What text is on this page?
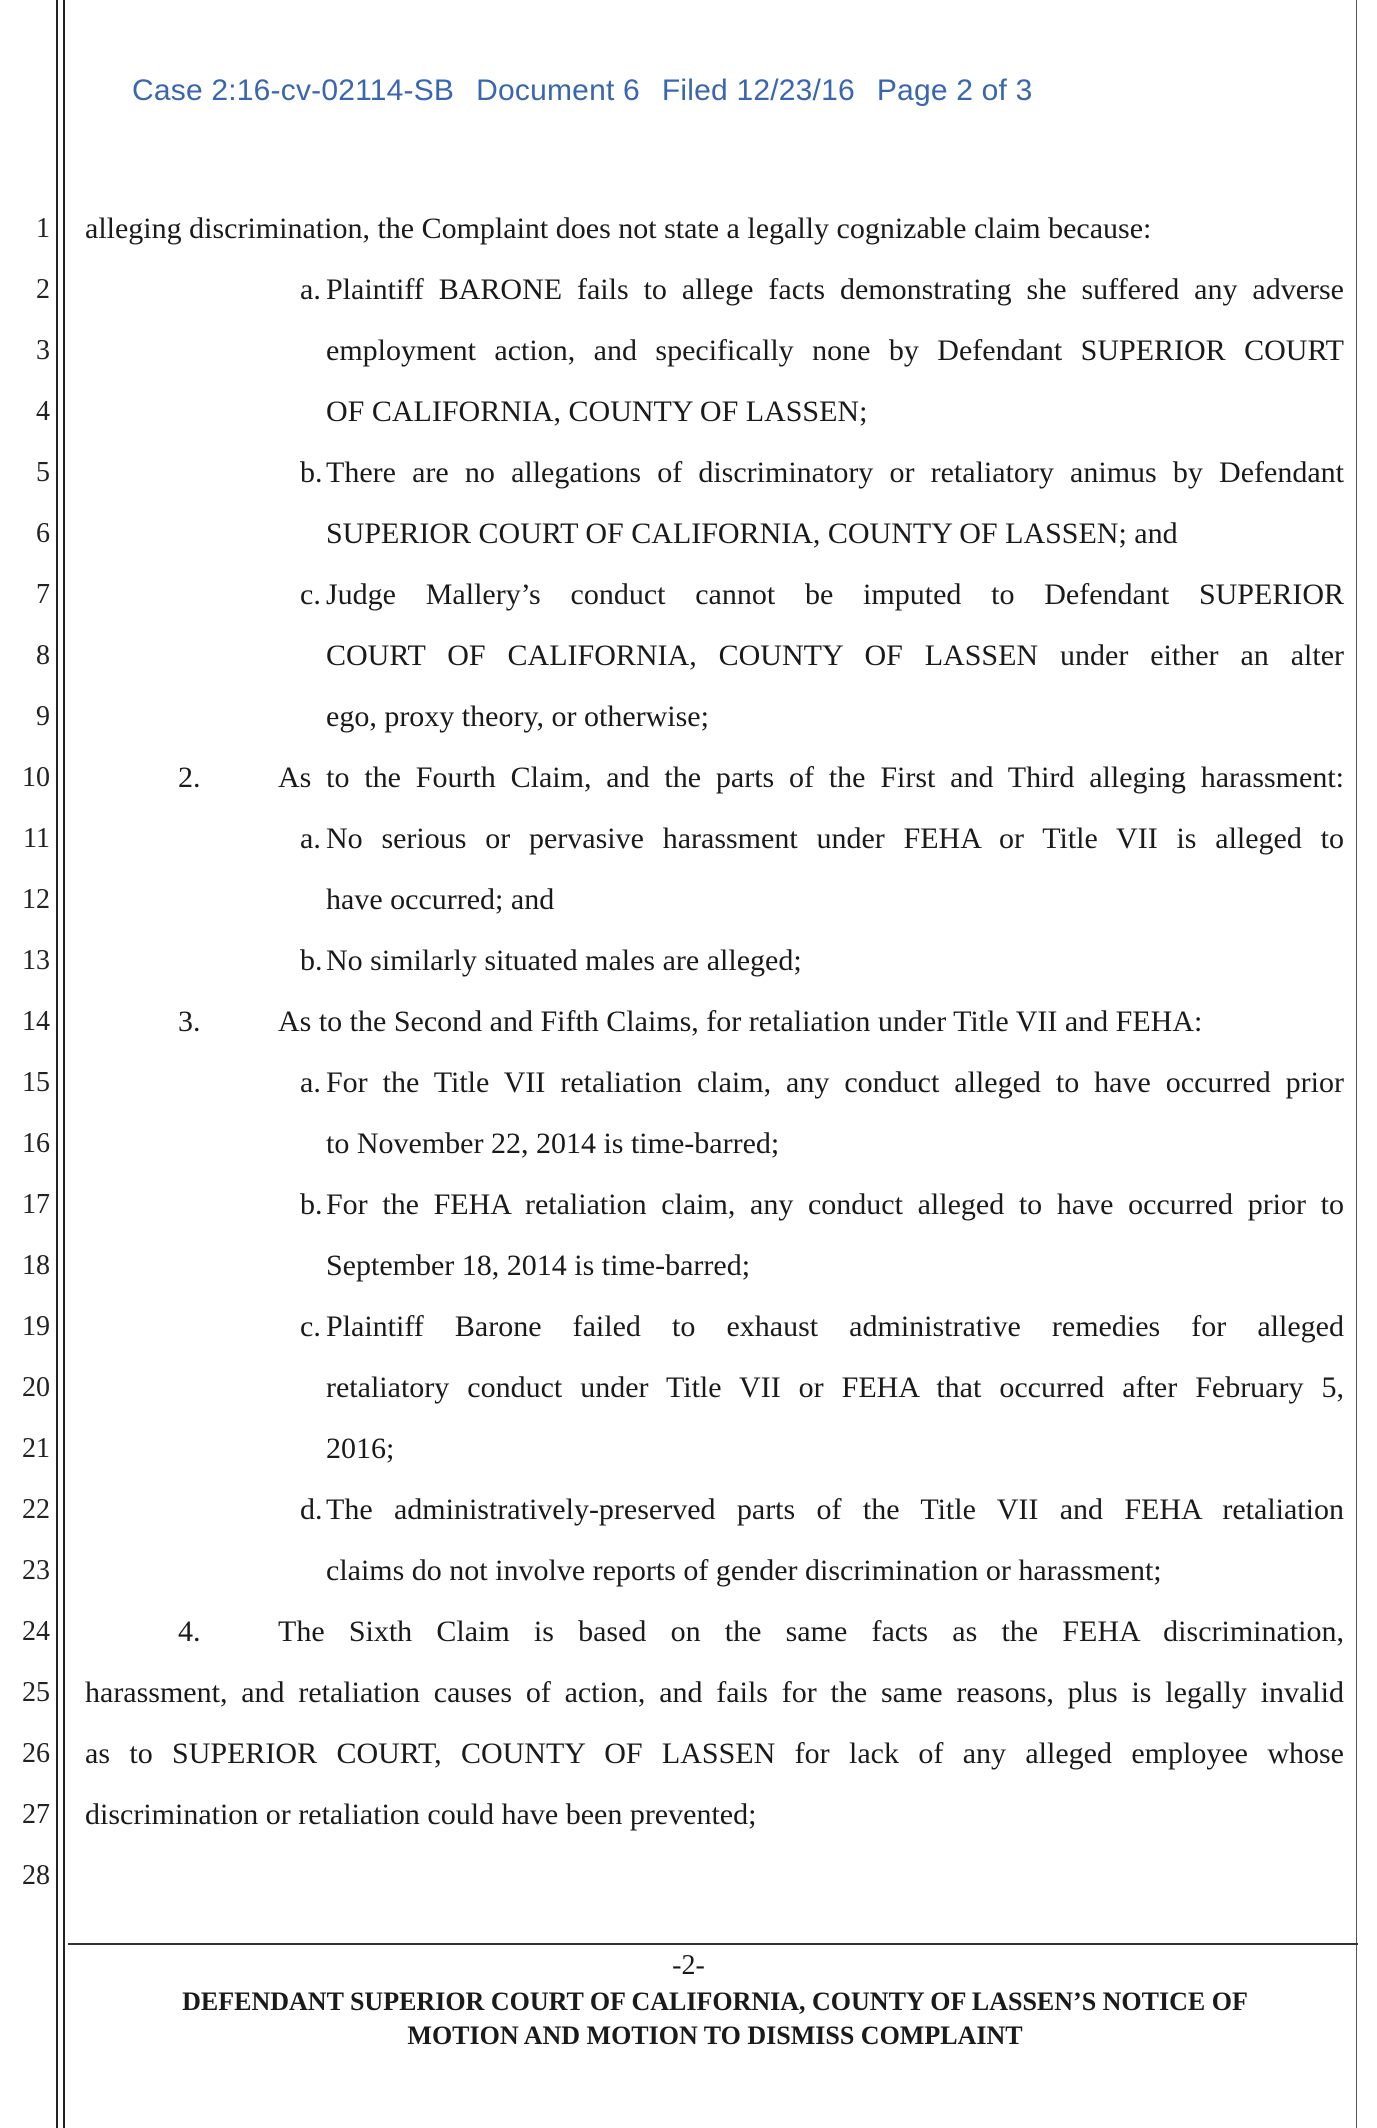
Case 2:16-cv-02114-SB Document 6 Filed 12/23/16 Page 2 of 3
1
2
3
4
5
6
7
8
9
10
11
12
13
14
15
16
17
18
19
20
21
22
23
24
25
26
27
28
alleging discrimination, the Complaint does not state a legally cognizable claim because:
a. Plaintiff BARONE fails to allege facts demonstrating she suffered any adverse
employment action, and specifically none by Defendant SUPERIOR COURT
OF CALIFORNIA, COUNTY OF LASSEN;
b. There are no allegations of discriminatory or retaliatory animus by Defendant
SUPERIOR COURT OF CALIFORNIA, COUNTY OF LASSEN; and
c. Judge Mallery’s conduct cannot be imputed to Defendant SUPERIOR
COURT OF CALIFORNIA, COUNTY OF LASSEN under either an alter
ego, proxy theory, or otherwise;
2.	As to the Fourth Claim, and the parts of the First and Third alleging harassment:
a. No serious or pervasive harassment under FEHA or Title VII is alleged to
have occurred; and
b. No similarly situated males are alleged;
3.	As to the Second and Fifth Claims, for retaliation under Title VII and FEHA:
a. For the Title VII retaliation claim, any conduct alleged to have occurred prior
to November 22, 2014 is time-barred;
b. For the FEHA retaliation claim, any conduct alleged to have occurred prior to
September 18, 2014 is time-barred;
c. Plaintiff Barone failed to exhaust administrative remedies for alleged
retaliatory conduct under Title VII or FEHA that occurred after February 5,
2016;
d. The administratively-preserved parts of the Title VII and FEHA retaliation
claims do not involve reports of gender discrimination or harassment;
4.	The Sixth Claim is based on the same facts as the FEHA discrimination,
harassment, and retaliation causes of action, and fails for the same reasons, plus is legally invalid
as to SUPERIOR COURT, COUNTY OF LASSEN for lack of any alleged employee whose
discrimination or retaliation could have been prevented;
-2-
DEFENDANT SUPERIOR COURT OF CALIFORNIA, COUNTY OF LASSEN’S NOTICE OF
MOTION AND MOTION TO DISMISS COMPLAINT
